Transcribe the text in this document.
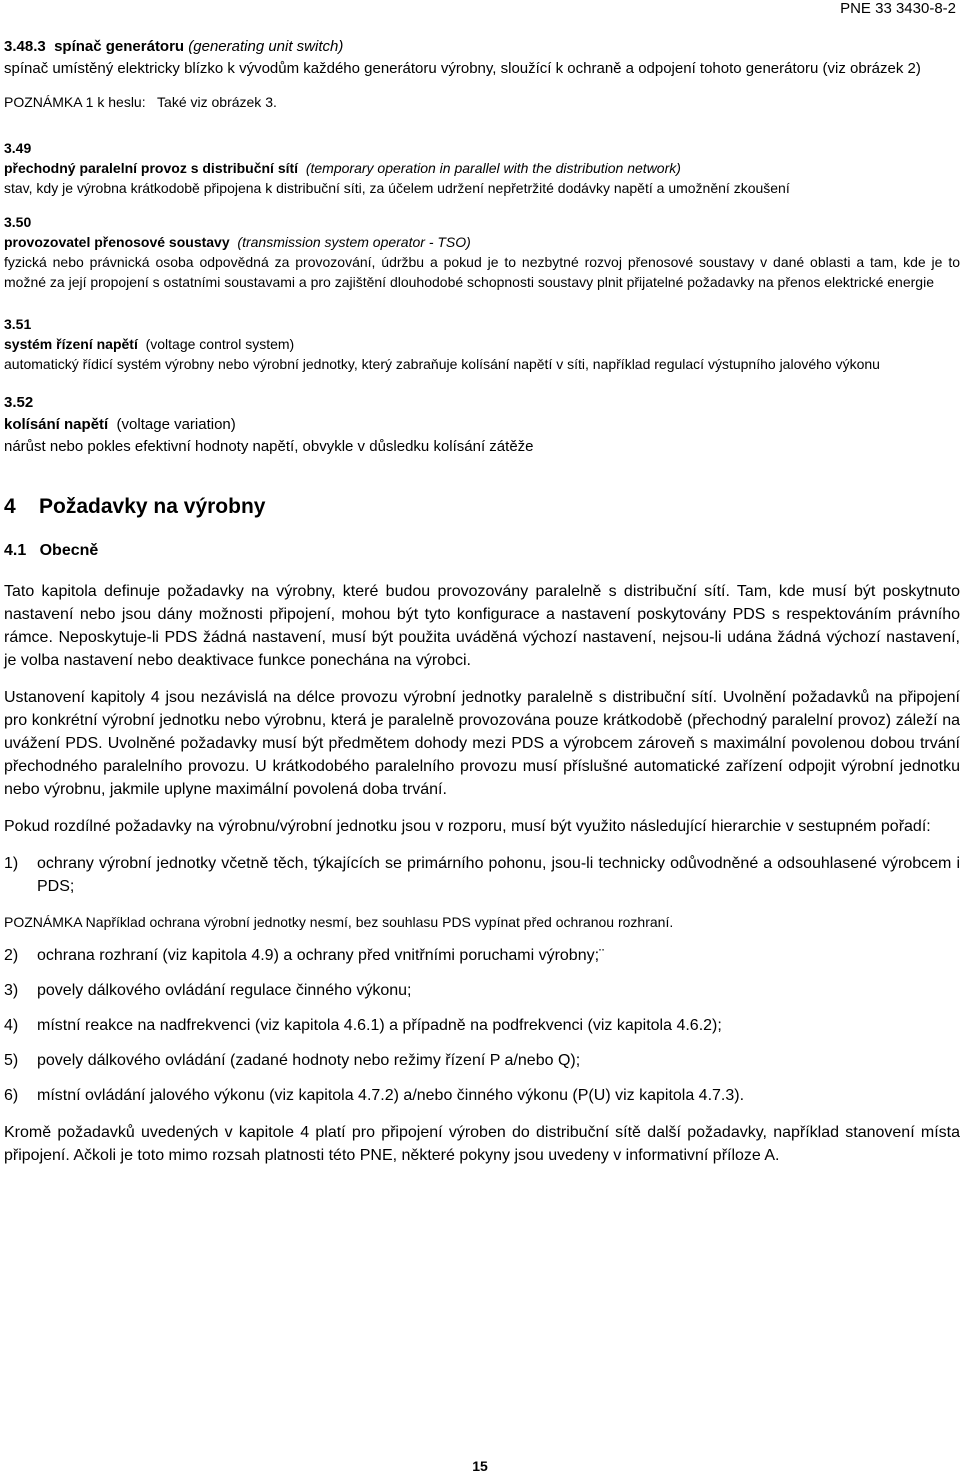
PNE 33 3430-8-2
3.48.3 spínač generátoru (generating unit switch)
spínač umístěný elektricky blízko k vývodům každého generátoru výrobny, sloužící k ochraně a odpojení tohoto generátoru (viz obrázek 2)
POZNÁMKA 1 k heslu: Také viz obrázek 3.
3.49
přechodný paralelní provoz s distribuční sítí (temporary operation in parallel with the distribution network)
stav, kdy je výrobna krátkodobě připojena k distribuční síti, za účelem udržení nepřetržité dodávky napětí a umožnění zkoušení
3.50
provozovatel přenosové soustavy (transmission system operator - TSO)
fyzická nebo právnická osoba odpovědná za provozování, údržbu a pokud je to nezbytné rozvoj přenosové soustavy v dané oblasti a tam, kde je to možné za její propojení s ostatními soustavami a pro zajištění dlouhodobé schopnosti soustavy plnit přijatelné požadavky na přenos elektrické energie
3.51
systém řízení napětí (voltage control system)
automatický řídicí systém výrobny nebo výrobní jednotky, který zabraňuje kolísání napětí v síti, například regulací výstupního jalového výkonu
3.52
kolísání napětí (voltage variation)
nárůst nebo pokles efektivní hodnoty napětí, obvykle v důsledku kolísání zátěže
4 Požadavky na výrobny
4.1 Obecně
Tato kapitola definuje požadavky na výrobny, které budou provozovány paralelně s distribuční sítí. Tam, kde musí být poskytnuto nastavení nebo jsou dány možnosti připojení, mohou být tyto konfigurace a nastavení poskytovány PDS s respektováním právního rámce. Neposkytuje-li PDS žádná nastavení, musí být použita uváděná výchozí nastavení, nejsou-li udána žádná výchozí nastavení, je volba nastavení nebo deaktivace funkce ponechána na výrobci.
Ustanovení kapitoly 4 jsou nezávislá na délce provozu výrobní jednotky paralelně s distribuční sítí. Uvolnění požadavků na připojení pro konkrétní výrobní jednotku nebo výrobnu, která je paralelně provozována pouze krátkodobě (přechodný paralelní provoz) záleží na uvážení PDS. Uvolněné požadavky musí být předmětem dohody mezi PDS a výrobcem zároveň s maximální povolenou dobou trvání přechodného paralelního provozu. U krátkodobého paralelního provozu musí příslušné automatické zařízení odpojit výrobní jednotku nebo výrobnu, jakmile uplyne maximální povolená doba trvání.
Pokud rozdílné požadavky na výrobnu/výrobní jednotku jsou v rozporu, musí být využito následující hierarchie v sestupném pořadí:
1)	ochrany výrobní jednotky včetně těch, týkajících se primárního pohonu, jsou-li technicky odůvodněné a odsouhlasené výrobcem i PDS;
POZNÁMKA Například ochrana výrobní jednotky nesmí, bez souhlasu PDS vypínat před ochranou rozhraní.
2)	ochrana rozhraní (viz kapitola 4.9) a ochrany před vnitřními poruchami výrobny;¨
3)	povely dálkového ovládání regulace činného výkonu;
4)	místní reakce na nadfrekvenci (viz kapitola 4.6.1) a případně na podfrekvenci (viz kapitola 4.6.2);
5)	povely dálkového ovládání (zadané hodnoty nebo režimy řízení P a/nebo Q);
6)	místní ovládání jalového výkonu (viz kapitola 4.7.2) a/nebo činného výkonu (P(U) viz kapitola 4.7.3).
Kromě požadavků uvedených v kapitole 4 platí pro připojení výroben do distribuční sítě další požadavky, například stanovení místa připojení. Ačkoli je toto mimo rozsah platnosti této PNE, některé pokyny jsou uvedeny v informativní příloze A.
15
